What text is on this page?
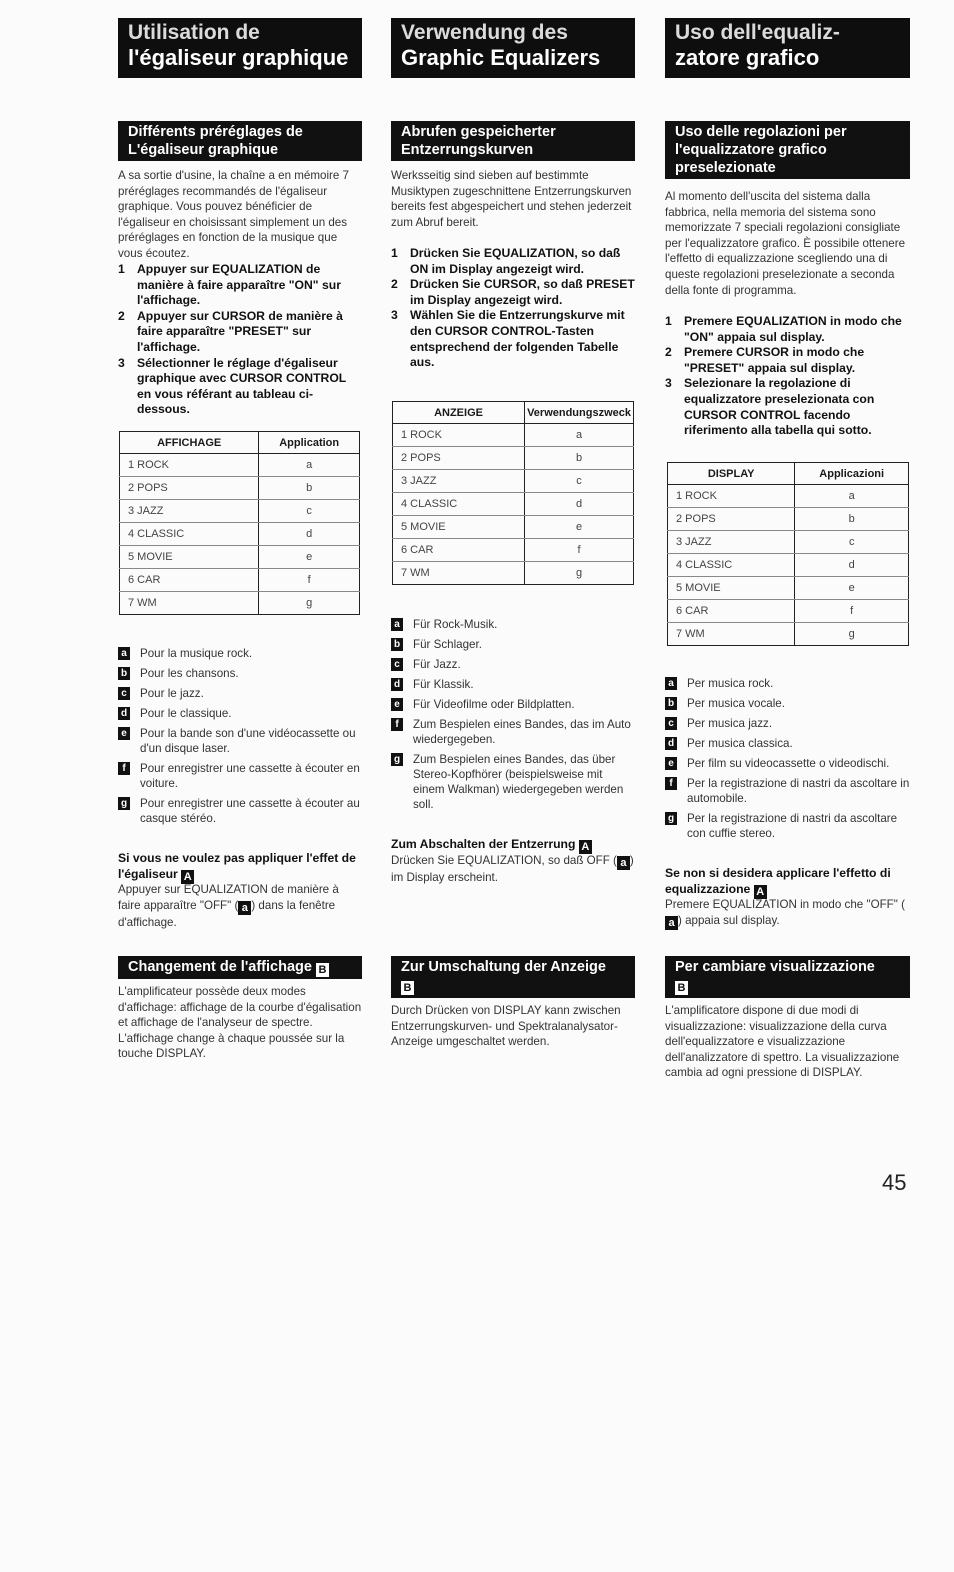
Utilisation de
l'égaliseur graphique
Différents préréglages de L'égaliseur graphique
A sa sortie d'usine, la chaîne a en mémoire 7 préréglages recommandés de l'égaliseur graphique. Vous pouvez bénéficier de l'égaliseur en choisissant simplement un des préréglages en fonction de la musique que vous écoutez.
1 Appuyer sur EQUALIZATION de manière à faire apparaître "ON" sur l'affichage.
2 Appuyer sur CURSOR de manière à faire apparaître "PRESET" sur l'affichage.
3 Sélectionner le réglage d'égaliseur graphique avec CURSOR CONTROL en vous référant au tableau ci-dessous.
AFFICHAGE	Application
1 ROCK	a
2 POPS	b
3 JAZZ	c
4 CLASSIC	d
5 MOVIE	e
6 CAR	f
7 WM	g
a Pour la musique rock.
b Pour les chansons.
c Pour le jazz.
d Pour le classique.
e Pour la bande son d'une vidéocassette ou d'un disque laser.
f	Pour enregistrer une cassette à écouter en voiture.
g Pour enregistrer une cassette à écouter au casque stéréo.
Si vous ne voulez pas appliquer l'effet de l'égaliseur A
Appuyer sur EQUALIZATION de manière à faire apparaître "OFF" ( a ) dans la fenêtre d'affichage.
Changement de l'affichage B
L'amplificateur possède deux modes d'affichage: affichage de la courbe d'égalisation et affichage de l'analyseur de spectre. L'affichage change à chaque poussée sur la touche DISPLAY.
Verwendung des
Graphic Equalizers
Abrufen gespeicherter Entzerrungskurven
Werksseitig sind sieben auf bestimmte Musiktypen zugeschnittene Entzerrungskurven bereits fest abgespeichert und stehen jederzeit zum Abruf bereit.
1 Drücken Sie EQUALIZATION, so daß ON im Display angezeigt wird.
2 Drücken Sie CURSOR, so daß PRESET im Display angezeigt wird.
3 Wählen Sie die Entzerrungskurve mit den CURSOR CONTROL-Tasten entsprechend der folgenden Tabelle aus.
ANZEIGE	Verwendungszweck
1 ROCK	a
2 POPS	b
3 JAZZ	c
4 CLASSIC	d
5 MOVIE	e
6 CAR	f
7 WM	g
a Für Rock-Musik.
b Für Schlager.
c Für Jazz.
d Für Klassik.
e Für Videofilme oder Bildplatten.
f	Zum Bespielen eines Bandes, das im Auto wiedergegeben.
g Zum Bespielen eines Bandes, das über Stereo-Kopfhörer (beispielsweise mit einem Walkman) wiedergegeben werden soll.
Zum Abschalten der Entzerrung A
Drücken Sie EQUALIZATION, so daß OFF ( a ) im Display erscheint.
Zur Umschaltung der Anzeige
B
Durch Drücken von DISPLAY kann zwischen Entzerrungskurven- und Spektralanalysator-Anzeige umgeschaltet werden.
Uso dell'equaliz-
zatore grafico
Uso delle regolazioni per l'equalizzatore grafico preselezionate
Al momento dell'uscita del sistema dalla fabbrica, nella memoria del sistema sono memorizzate 7 speciali regolazioni consigliate per l'equalizzatore grafico. È possibile ottenere l'effetto di equalizzazione scegliendo una di queste regolazioni preselezionate a seconda della fonte di programma.
1 Premere EQUALIZATION in modo che "ON" appaia sul display.
2 Premere CURSOR in modo che "PRESET" appaia sul display.
3 Selezionare la regolazione di equalizzatore preselezionata con CURSOR CONTROL facendo riferimento alla tabella qui sotto.
DISPLAY	Applicazioni
1 ROCK	a
2 POPS	b
3 JAZZ	c
4 CLASSIC	d
5 MOVIE	e
6 CAR	f
7 WM	g
a Per musica rock.
b Per musica vocale.
c Per musica jazz.
d Per musica classica.
e Per film su videocassette o videodischi.
f	Per la registrazione di nastri da ascoltare in automobile.
g Per la registrazione di nastri da ascoltare con cuffie stereo.
Se non si desidera applicare l'effetto di equalizzazione A
Premere EQUALIZATION in modo che "OFF" (a ) appaia sul display.
Per cambiare visualizzazione
B
L'amplificatore dispone di due modi di visualizzazione: visualizzazione della curva dell'equalizzatore e visualizzazione dell'analizzatore di spettro. La visualizzazione cambia ad ogni pressione di DISPLAY.
45
